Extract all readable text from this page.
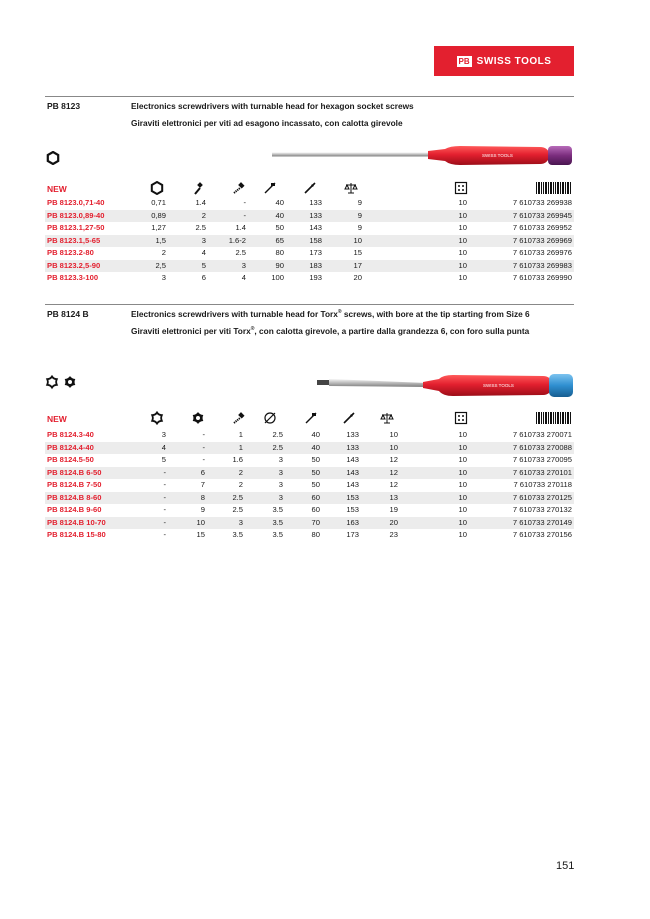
PB SWISS TOOLS
PB 8123	Electronics screwdrivers with turnable head for hexagon socket screws
Giraviti elettronici per viti ad esagono incassato, con calotta girevole
SWISS TOOLS
NEW
PB 8123.0,71-40	0,71	1.4	-	40	133	9	10	7 610733 269938
PB 8123.0,89-40	0,89	2	-	40	133	9	10	7 610733 269945
PB 8123.1,27-50	1,27	2.5	1.4	50	143	9	10	7 610733 269952
PB 8123.1,5-65	1,5	3	1.6-2	65	158	10	10	7 610733 269969
PB 8123.2-80	2	4	2.5	80	173	15	10	7 610733 269976
PB 8123.2,5-90	2,5	5	3	90	183	17	10	7 610733 269983
PB 8123.3-100	3	6	4	100	193	20	10	7 610733 269990
PB 8124 B	Electronics screwdrivers with turnable head for Torx® screws, with bore at the tip starting from Size 6
Giraviti elettronici per viti Torx®, con calotta girevole, a partire dalla grandezza 6, con foro sulla punta
SWISS TOOLS
NEW
PB 8124.3-40	3	-	1	2.5	40	133	10	10	7 610733 270071
PB 8124.4-40	4	-	1	2.5	40	133	10	10	7 610733 270088
PB 8124.5-50	5	-	1.6	3	50	143	12	10	7 610733 270095
PB 8124.B 6-50	-	6	2	3	50	143	12	10	7 610733 270101
PB 8124.B 7-50	-	7	2	3	50	143	12	10	7 610733 270118
PB 8124.B 8-60	-	8	2.5	3	60	153	13	10	7 610733 270125
PB 8124.B 9-60	-	9	2.5	3.5	60	153	19	10	7 610733 270132
PB 8124.B 10-70	-	10	3	3.5	70	163	20	10	7 610733 270149
PB 8124.B 15-80	-	15	3.5	3.5	80	173	23	10	7 610733 270156
151
